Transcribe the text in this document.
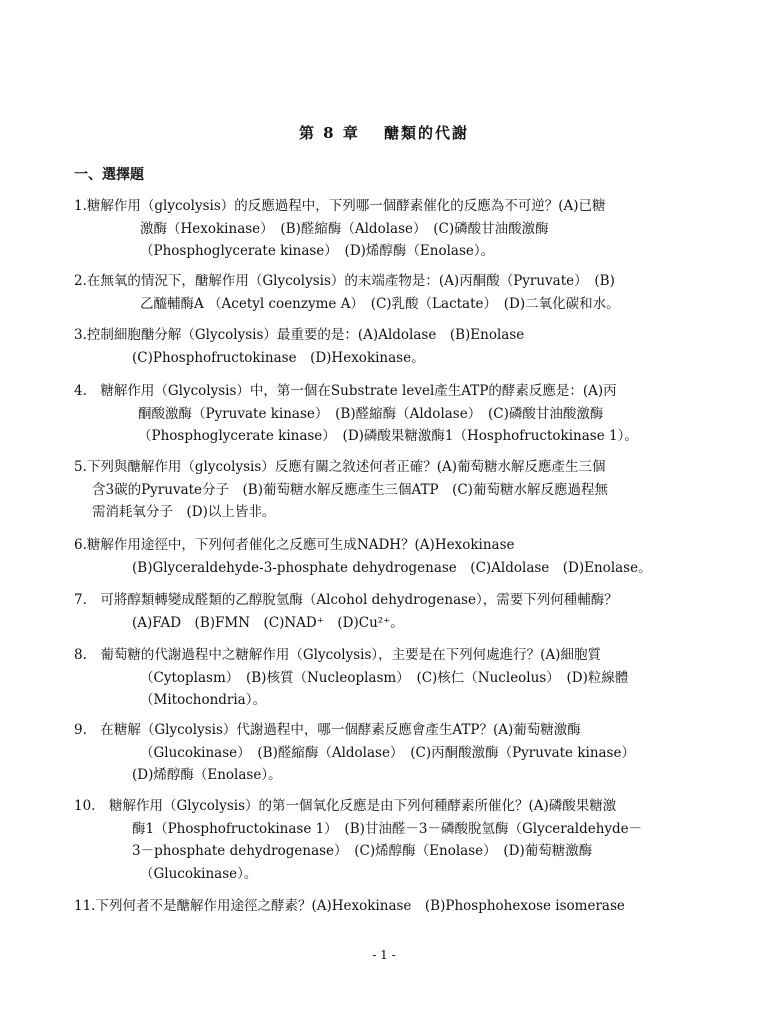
第 8 章　 醣類的代謝
一、選擇題
1.糖解作用（glycolysis）的反應過程中，下列哪一個酵素催化的反應為不可逆？(A)已糖
激酶（Hexokinase）　(B)醛縮酶（Aldolase）　(C)磷酸甘油酸激酶
（Phosphoglycerate kinase）　(D)烯醇酶（Enolase）。
2.在無氧的情況下，醣解作用（Glycolysis）的末端產物是：(A)丙酮酸（Pyruvate）　(B)
乙醯輔酶A （Acetyl coenzyme A）　(C)乳酸（Lactate）　(D)二氧化碳和水。
3.控制細胞醣分解（Glycolysis）最重要的是：(A)Aldolase　(B)Enolase
(C)Phosphofructokinase　(D)Hexokinase。
4.　糖解作用（Glycolysis）中，第一個在Substrate level產生ATP的酵素反應是：(A)丙
酮酸激酶（Pyruvate kinase）　(B)醛縮酶（Aldolase）　(C)磷酸甘油酸激酶
（Phosphoglycerate kinase）　(D)磷酸果糖激酶1（Hosphofructokinase 1）。
5.下列與醣解作用（glycolysis）反應有關之敘述何者正確？(A)葡萄糖水解反應產生三個
含3碳的Pyruvate分子　(B)葡萄糖水解反應產生三個ATP　(C)葡萄糖水解反應過程無
需消耗氧分子　(D)以上皆非。
6.糖解作用途徑中，下列何者催化之反應可生成NADH？(A)Hexokinase
(B)Glyceraldehyde-3-phosphate dehydrogenase　(C)Aldolase　(D)Enolase。
7.　可將醇類轉變成醛類的乙醇脫氫酶（Alcohol dehydrogenase），需要下列何種輔酶？
(A)FAD　(B)FMN　(C)NAD⁺　(D)Cu²⁺。
8.　葡萄糖的代謝過程中之糖解作用（Glycolysis），主要是在下列何處進行？(A)細胞質
（Cytoplasm）　(B)核質（Nucleoplasm）　(C)核仁（Nucleolus）　(D)粒線體
（Mitochondria）。
9.　在糖解（Glycolysis）代謝過程中，哪一個酵素反應會產生ATP？(A)葡萄糖激酶
（Glucokinase）　(B)醛縮酶（Aldolase）　(C)丙酮酸激酶（Pyruvate kinase）
(D)烯醇酶（Enolase）。
10.　糖解作用（Glycolysis）的第一個氧化反應是由下列何種酵素所催化？(A)磷酸果糖激
酶1（Phosphofructokinase 1）　(B)甘油醛－3－磷酸脫氫酶（Glyceraldehyde－
3－phosphate dehydrogenase）　(C)烯醇酶（Enolase）　(D)葡萄糖激酶
（Glucokinase）。
11.下列何者不是醣解作用途徑之酵素？(A)Hexokinase　(B)Phosphohexose isomerase
- 1 -
